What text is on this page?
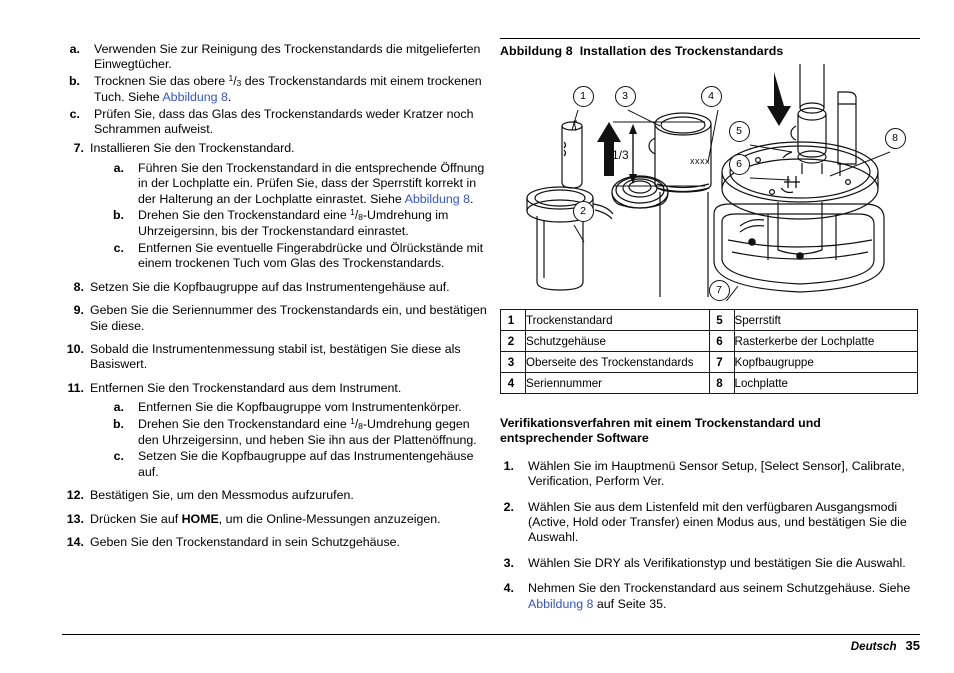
a. Verwenden Sie zur Reinigung des Trockenstandards die mitgelieferten Einwegtücher.
b. Trocknen Sie das obere $^1/_3$ des Trockenstandards mit einem trockenen Tuch. Siehe Abbildung 8.
c. Prüfen Sie, dass das Glas des Trockenstandards weder Kratzer noch Schrammen aufweist.
7. Installieren Sie den Trockenstandard.
a. Führen Sie den Trockenstandard in die entsprechende Öffnung in der Lochplatte ein. Prüfen Sie, dass der Sperrstift korrekt in der Halterung an der Lochplatte einrastet. Siehe Abbildung 8.
b. Drehen Sie den Trockenstandard eine $^1/_8$-Umdrehung im Uhrzeigersinn, bis der Trockenstandard einrastet.
c. Entfernen Sie eventuelle Fingerabdrücke und Ölrückstände mit einem trockenen Tuch vom Glas des Trockenstandards.
8. Setzen Sie die Kopfbaugruppe auf das Instrumentengehäuse auf.
9. Geben Sie die Seriennummer des Trockenstandards ein, und bestätigen Sie diese.
10. Sobald die Instrumentenmessung stabil ist, bestätigen Sie diese als Basiswert.
11. Entfernen Sie den Trockenstandard aus dem Instrument.
a. Entfernen Sie die Kopfbaugruppe vom Instrumentenkörper.
b. Drehen Sie den Trockenstandard eine $^1/_8$-Umdrehung gegen den Uhrzeigersinn, und heben Sie ihn aus der Plattenöffnung.
c. Setzen Sie die Kopfbaugruppe auf das Instrumentengehäuse auf.
12. Bestätigen Sie, um den Messmodus aufzurufen.
13. Drücken Sie auf HOME, um die Online-Messungen anzuzeigen.
14. Geben Sie den Trockenstandard in sein Schutzgehäuse.
Abbildung 8 Installation des Trockenstandards
xxxx
1/3
1
2
3	4
5
6
7
8
1	Trockenstandard	5	Sperrstift
2	Schutzgehäuse	6	Rasterkerbe der Lochplatte
3	Oberseite des Trockenstandards	7	Kopfbaugruppe
4	Seriennummer	8	Lochplatte
Verifikationsverfahren mit einem Trockenstandard und
entsprechender Software
1. Wählen Sie im Hauptmenü Sensor Setup, [Select Sensor], Calibrate, Verification, Perform Ver.
2. Wählen Sie aus dem Listenfeld mit den verfügbaren Ausgangsmodi (Active, Hold oder Transfer) einen Modus aus, und bestätigen Sie die Auswahl.
3. Wählen Sie DRY als Verifikationstyp und bestätigen Sie die Auswahl.
4. Nehmen Sie den Trockenstandard aus seinem Schutzgehäuse. Siehe Abbildung 8 auf Seite 35.
Deutsch 35
